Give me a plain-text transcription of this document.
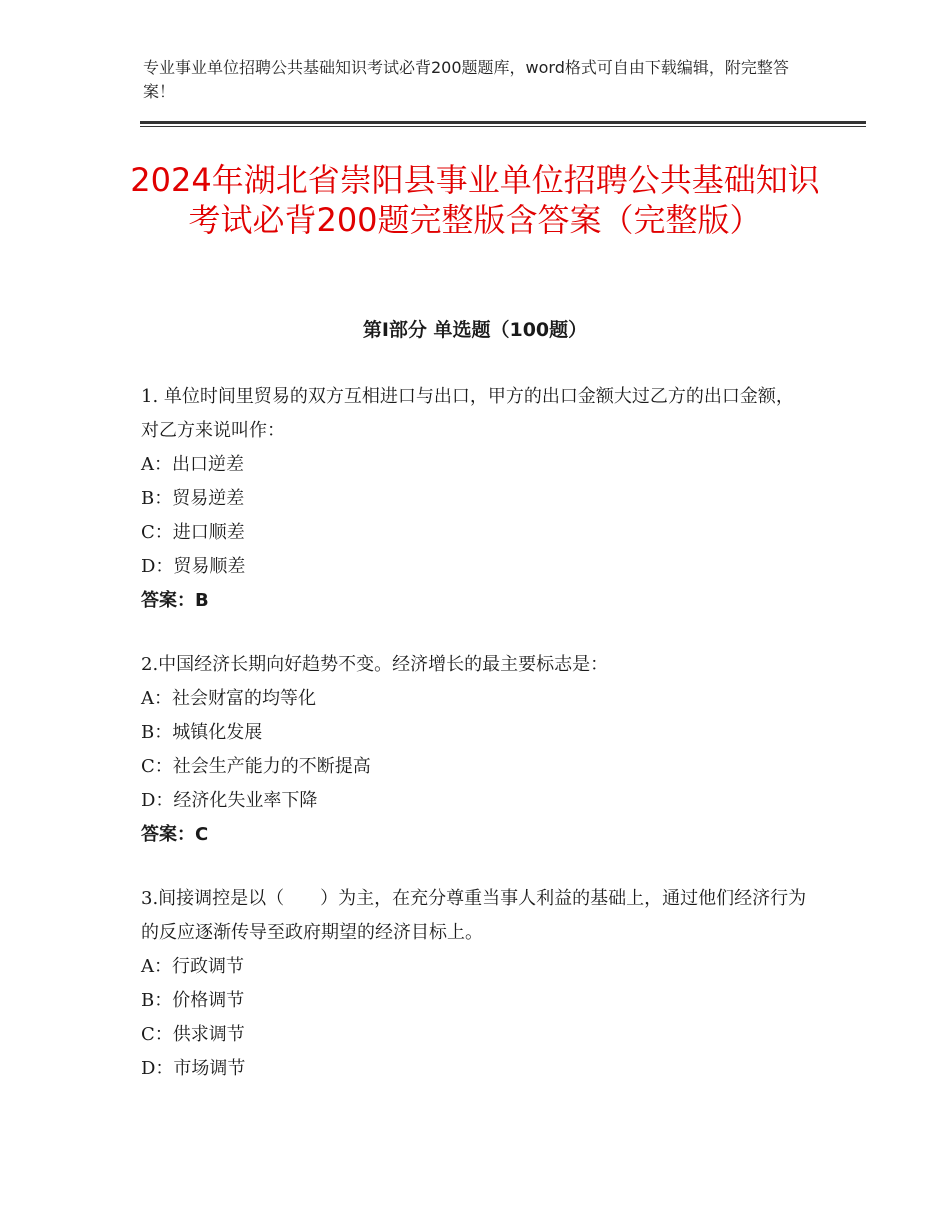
专业事业单位招聘公共基础知识考试必背200题题库，word格式可自由下载编辑，附完整答案！
2024年湖北省崇阳县事业单位招聘公共基础知识考试必背200题完整版含答案（完整版）
第Ⅰ部分 单选题（100题）

1. 单位时间里贸易的双方互相进口与出口，甲方的出口金额大过乙方的出口金额，对乙方来说叫作：

A：出口逆差

B：贸易逆差

C：进口顺差

D：贸易顺差

答案：B

2.中国经济长期向好趋势不变。经济增长的最主要标志是：

A：社会财富的均等化

B：城镇化发展

C：社会生产能力的不断提高

D：经济化失业率下降

答案：C

3.间接调控是以（　　）为主，在充分尊重当事人利益的基础上，通过他们经济行为的反应逐渐传导至政府期望的经济目标上。

A：行政调节

B：价格调节

C：供求调节

D：市场调节
